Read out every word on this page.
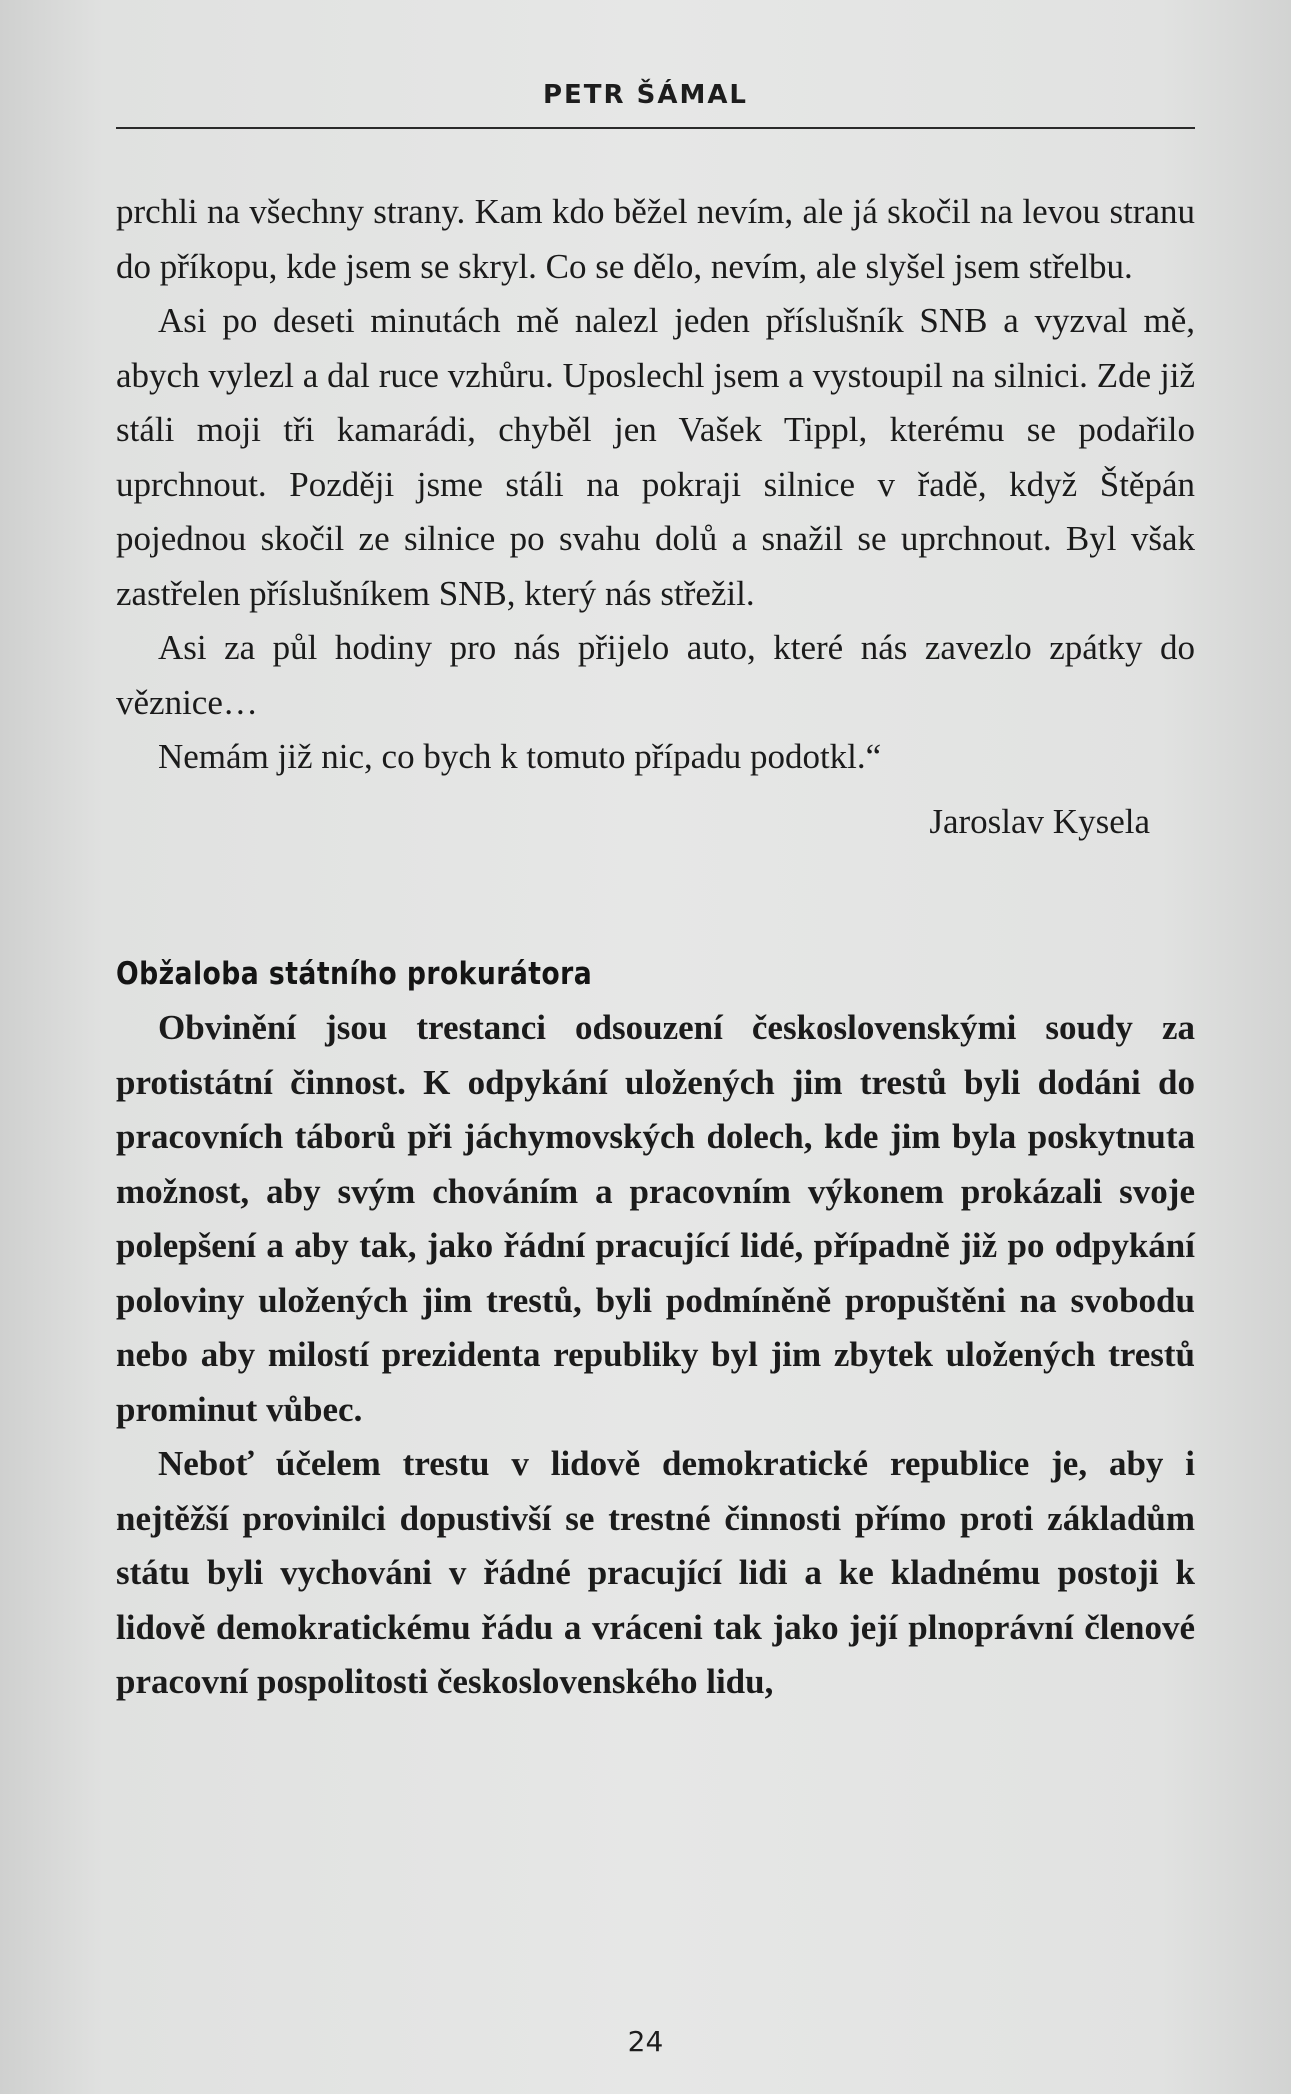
PETR ŠÁMAL

prchli na všechny strany. Kam kdo běžel nevím, ale já skočil na levou stranu do příkopu, kde jsem se skryl. Co se dělo, nevím, ale slyšel jsem střelbu.

Asi po deseti minutách mě nalezl jeden příslušník SNB a vyzval mě, abych vylezl a dal ruce vzhůru. Uposlechl jsem a vystoupil na silnici. Zde již stáli moji tři kamarádi, chyběl jen Vašek Tippl, kterému se podařilo uprchnout. Později jsme stáli na pokraji silnice v řadě, když Štěpán pojednou skočil ze silnice po svahu dolů a snažil se uprchnout. Byl však zastřelen příslušníkem SNB, který nás střežil.

Asi za půl hodiny pro nás přijelo auto, které nás zavezlo zpátky do věznice…

Nemám již nic, co bych k tomuto případu podotkl.“

Jaroslav Kysela

Obžaloba státního prokurátora

Obvinění jsou trestanci odsouzení československými soudy za protistátní činnost. K odpykání uložených jim trestů byli dodáni do pracovních táborů při jáchymovských dolech, kde jim byla poskytnuta možnost, aby svým chováním a pracovním výkonem prokázali svoje polepšení a aby tak, jako řádní pracující lidé, případně již po odpykání poloviny uložených jim trestů, byli podmíněně propuštěni na svobodu nebo aby milostí prezidenta republiky byl jim zbytek uložených trestů prominut vůbec.

Neboť účelem trestu v lidově demokratické republice je, aby i nejtěžší provinilci dopustivší se trestné činnosti přímo proti základům státu byli vychováni v řádné pracující lidi a ke kladnému postoji k lidově demokratickému řádu a vráceni tak jako její plnoprávní členové pracovní pospolitosti československého lidu,

24
